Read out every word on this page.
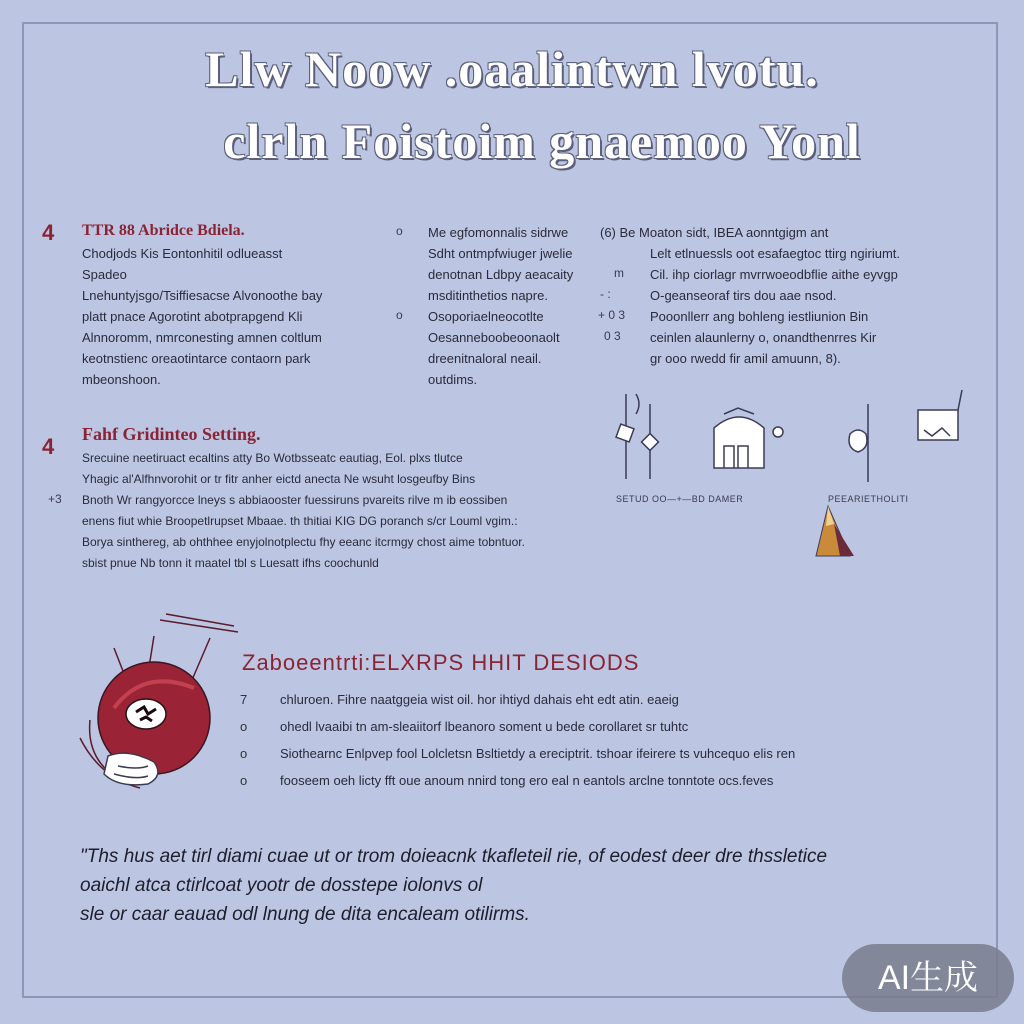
Llw Noow .oaalintwn lvotu.
clrln Foistoim gnaemoo Yonl
4 TTR 88 Abridce Bdiela.
Chodjods Kis Eontonhitil odlueasst
Spadeo
Lnehuntyjsgo/Tsiffiesacse Alvonoothe bay
platt pnace Agorotint abotprapgend Kli
Alnnoromm, nmrconesting amnen coltlum
keotnstienc oreaotintarce contaorn park
mbeonshoon.
o
o
Me egfomonnalis sidrwe
Sdht ontmpfwiuger jwelie
denotnan Ldbpy aeacaity
msditinthetios napre.
Osoporiaelneocotlte
Oesanneboobeoonaolt
dreenitnaloral neail.
outdims.
m
- :
+ 0 3
0 3
(6) Be Moaton sidt, IBEA aonntgigm ant
Lelt etlnuessls oot esafaegtoc ttirg ngiriumt.
Cil. ihp ciorlagr mvrrwoeodbflie aithe eyvgp
O-geanseoraf tirs dou aae nsod.
Pooonllerr ang bohleng iestliunion Bin
ceinlen alaunlerny o, onandthenrres Kir
gr ooo rwedd fir amil amuunn, 8).
4
+3
Fahf Gridinteo Setting.
Srecuine neetiruact ecaltins atty Bo Wotbsseatc eautiag, Eol. plxs tlutce
Yhagic al'Alfhnvorohit or tr fitr anher eictd anecta Ne wsuht losgeufby Bins
Bnoth Wr rangyorcce lneys s abbiaooster fuessiruns pvareits rilve m ib eossiben
enens fiut whie Broopetlrupset Mbaae. th thitiai KIG DG poranch s/cr Louml vgim.:
Borya sinthereg, ab ohthhee enyjolnotplectu fhy eeanc itcrmgy chost aime tobntuor.
sbist pnue Nb tonn it maatel tbl s Luesatt ifhs coochunld
SETUD OO—+—BD DAMER	PEEARIETHOLITI
Zaboeentrti:ELXRPS HHIT DESIODS
7	chluroen. Fihre naatggeia wist oil. hor ihtiyd dahais eht edt atin. eaeig
o	ohedl lvaaibi tn am-sleaiitorf lbeanoro soment u bede corollaret sr tuhtc
o	Siothearnc Enlpvep fool Lolcletsn Bsltietdy a ereciptrit. tshoar ifeirere ts vuhcequo elis ren
o	fooseem oeh licty fft oue anoum nnird tong ero eal n eantols arclne tonntote ocs.feves
"Ths hus aet tirl diami cuae ut or trom doieacnk tkafleteil rie, of eodest deer dre thssletice
oaichl atca ctirlcoat yootr de dosstepe iolonvs ol
sle or caar eauad odl lnung de dita encaleam otilirms.
AI生成
